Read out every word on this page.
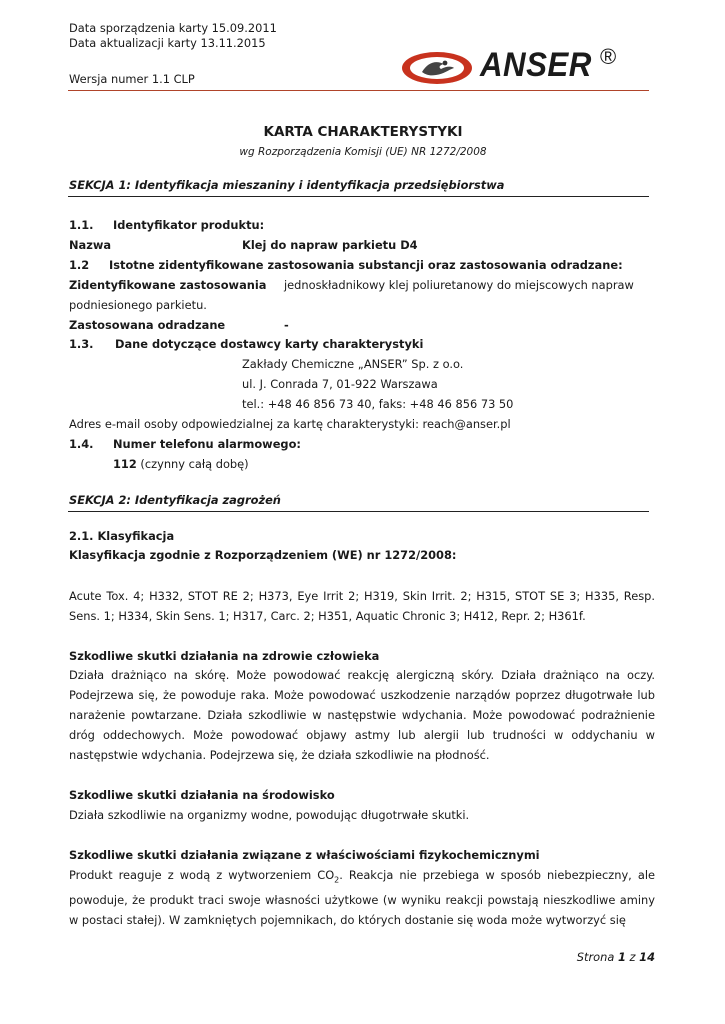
Data sporządzenia karty 15.09.2011
Data aktualizacji karty 13.11.2015
Wersja numer 1.1 CLP	ANSER ®
KARTA CHARAKTERYSTYKI
wg Rozporządzenia Komisji (UE) NR 1272/2008
SEKCJA 1: Identyfikacja mieszaniny i identyfikacja przedsiębiorstwa
1.1. Identyfikator produktu:
Nazwa	Klej do napraw parkietu D4
1.2 Istotne zidentyfikowane zastosowania substancji oraz zastosowania odradzane:
Zidentyfikowane zastosowania jednoskładnikowy klej poliuretanowy do miejscowych napraw
podniesionego parkietu.
Zastosowana odradzane	-
1.3. Dane dotyczące dostawcy karty charakterystyki
Zakłady Chemiczne „ANSER” Sp. z o.o.
ul. J. Conrada 7, 01-922 Warszawa
tel.: +48 46 856 73 40, faks: +48 46 856 73 50
Adres e-mail osoby odpowiedzialnej za kartę charakterystyki: reach@anser.pl
1.4. Numer telefonu alarmowego:
112 (czynny całą dobę)
SEKCJA 2: Identyfikacja zagrożeń
2.1. Klasyfikacja
Klasyfikacja zgodnie z Rozporządzeniem (WE) nr 1272/2008:
Acute Tox. 4; H332, STOT RE 2; H373, Eye Irrit 2; H319, Skin Irrit. 2; H315, STOT SE 3; H335, Resp. Sens. 1; H334, Skin Sens. 1; H317, Carc. 2; H351, Aquatic Chronic 3; H412, Repr. 2; H361f.
Szkodliwe skutki działania na zdrowie człowieka
Działa drażniąco na skórę. Może powodować reakcję alergiczną skóry. Działa drażniąco na oczy. Podejrzewa się, że powoduje raka. Może powodować uszkodzenie narządów poprzez długotrwałe lub narażenie powtarzane. Działa szkodliwie w następstwie wdychania. Może powodować podrażnienie dróg oddechowych. Może powodować objawy astmy lub alergii lub trudności w oddychaniu w następstwie wdychania. Podejrzewa się, że działa szkodliwie na płodność.
Szkodliwe skutki działania na środowisko
Działa szkodliwie na organizmy wodne, powodując długotrwałe skutki.
Szkodliwe skutki działania związane z właściwościami fizykochemicznymi
Produkt reaguje z wodą z wytworzeniem $CO_2$. Reakcja nie przebiega w sposób niebezpieczny, ale powoduje, że produkt traci swoje własności użytkowe (w wyniku reakcji powstają nieszkodliwe aminy w postaci stałej). W zamkniętych pojemnikach, do których dostanie się woda może wytworzyć się
Strona 1 z 14
